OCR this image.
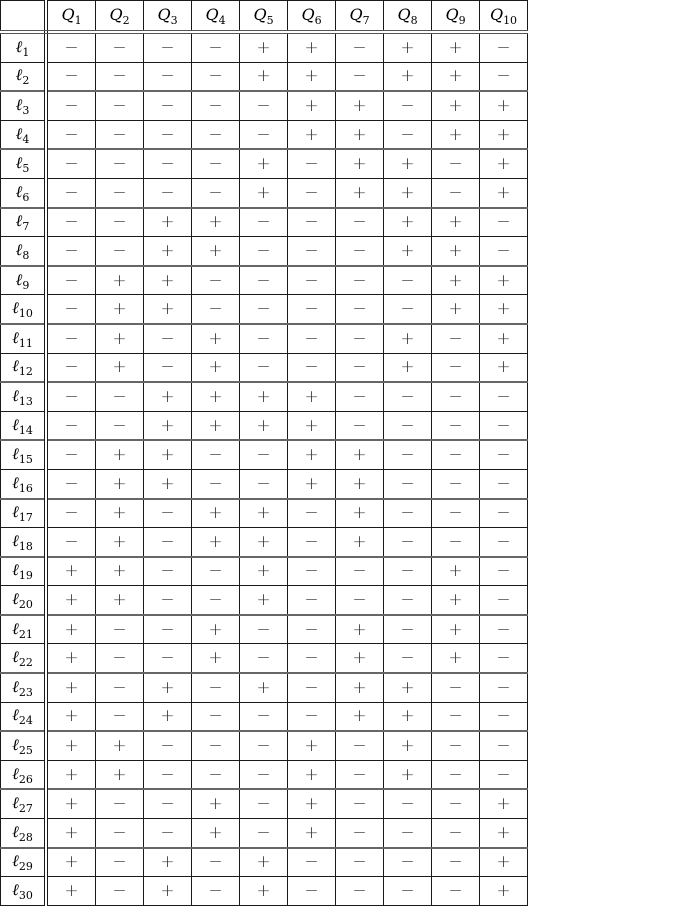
	$Q_1$	$Q_2$	$Q_3$	$Q_4$	$Q_5$	$Q_6$	$Q_7$	$Q_8$	$Q_9$	$Q_{10}$
ℓ$_1$	−	−	−	−	+	+	−	+	+	−
ℓ$_2$	−	−	−	−	+	+	−	+	+	−
ℓ$_3$	−	−	−	−	−	+	+	−	+	+
ℓ$_4$	−	−	−	−	−	+	+	−	+	+
ℓ$_5$	−	−	−	−	+	−	+	+	−	+
ℓ$_6$	−	−	−	−	+	−	+	+	−	+
ℓ$_7$	−	−	+	+	−	−	−	+	+	−
ℓ$_8$	−	−	+	+	−	−	−	+	+	−
ℓ$_9$	−	+	+	−	−	−	−	−	+	+
ℓ$_{10}$	−	+	+	−	−	−	−	−	+	+
ℓ$_{11}$	−	+	−	+	−	−	−	+	−	+
ℓ$_{12}$	−	+	−	+	−	−	−	+	−	+
ℓ$_{13}$	−	−	+	+	+	+	−	−	−	−
ℓ$_{14}$	−	−	+	+	+	+	−	−	−	−
ℓ$_{15}$	−	+	+	−	−	+	+	−	−	−
ℓ$_{16}$	−	+	+	−	−	+	+	−	−	−
ℓ$_{17}$	−	+	−	+	+	−	+	−	−	−
ℓ$_{18}$	−	+	−	+	+	−	+	−	−	−
ℓ$_{19}$	+	+	−	−	+	−	−	−	+	−
ℓ$_{20}$	+	+	−	−	+	−	−	−	+	−
ℓ$_{21}$	+	−	−	+	−	−	+	−	+	−
ℓ$_{22}$	+	−	−	+	−	−	+	−	+	−
ℓ$_{23}$	+	−	+	−	+	−	+	+	−	−
ℓ$_{24}$	+	−	+	−	−	−	+	+	−	−
ℓ$_{25}$	+	+	−	−	−	+	−	+	−	−
ℓ$_{26}$	+	+	−	−	−	+	−	+	−	−
ℓ$_{27}$	+	−	−	+	−	+	−	−	−	+
ℓ$_{28}$	+	−	−	+	−	+	−	−	−	+
ℓ$_{29}$	+	−	+	−	+	−	−	−	−	+
ℓ$_{30}$	+	−	+	−	+	−	−	−	−	+
